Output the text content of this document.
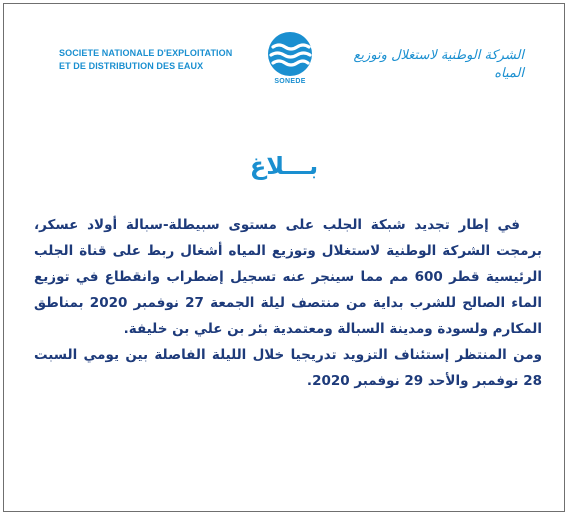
SOCIETE NATIONALE D'EXPLOITATION
ET DE DISTRIBUTION DES EAUX
SONEDE
الشركة الوطنية لاستغلال وتوزيع المياه
بـــلاغ

في إطار تجديد شبكة الجلب على مستوى سبيطلة-سبالة أولاد عسكر، برمجت الشركة الوطنية لاستغلال وتوزيع المياه أشغال ربط على قناة الجلب الرئيسية قطر 600 مم مما سينجر عنه تسجيل إضطراب وانقطاع في توزيع الماء الصالح للشرب بداية من منتصف ليلة الجمعة 27 نوفمبر 2020 بمناطق المكارم ولسودة ومدينة السبالة ومعتمدية بئر بن علي بن خليفة.

ومن المنتظر إستئناف التزويد تدريجيا خلال الليلة الفاصلة بين يومي السبت 28 نوفمبر والأحد 29 نوفمبر 2020.
